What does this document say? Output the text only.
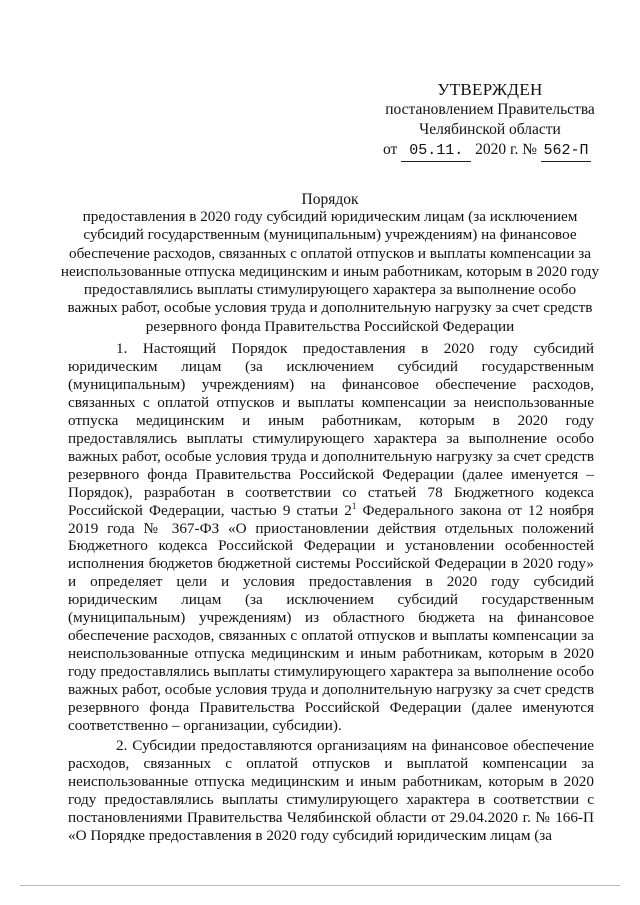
УТВЕРЖДЕН
постановлением Правительства
Челябинской области
от 05.11. 2020 г. № 562-П
Порядок
предоставления в 2020 году субсидий юридическим лицам (за исключением субсидий государственным (муниципальным) учреждениям) на финансовое обеспечение расходов, связанных с оплатой отпусков и выплаты компенсации за неиспользованные отпуска медицинским и иным работникам, которым в 2020 году предоставлялись выплаты стимулирующего характера за выполнение особо важных работ, особые условия труда и дополнительную нагрузку за счет средств резервного фонда Правительства Российской Федерации

1. Настоящий Порядок предоставления в 2020 году субсидий юридическим лицам (за исключением субсидий государственным (муниципальным) учреждениям) на финансовое обеспечение расходов, связанных с оплатой отпусков и выплаты компенсации за неиспользованные отпуска медицинским и иным работникам, которым в 2020 году предоставлялись выплаты стимулирующего характера за выполнение особо важных работ, особые условия труда и дополнительную нагрузку за счет средств резервного фонда Правительства Российской Федерации (далее именуется – Порядок), разработан в соответствии со статьей 78 Бюджетного кодекса Российской Федерации, частью 9 статьи $2^1$ Федерального закона от 12 ноября 2019 года № 367-ФЗ «О приостановлении действия отдельных положений Бюджетного кодекса Российской Федерации и установлении особенностей исполнения бюджетов бюджетной системы Российской Федерации в 2020 году» и определяет цели и условия предоставления в 2020 году субсидий юридическим лицам (за исключением субсидий государственным (муниципальным) учреждениям) из областного бюджета на финансовое обеспечение расходов, связанных с оплатой отпусков и выплаты компенсации за неиспользованные отпуска медицинским и иным работникам, которым в 2020 году предоставлялись выплаты стимулирующего характера за выполнение особо важных работ, особые условия труда и дополнительную нагрузку за счет средств резервного фонда Правительства Российской Федерации (далее именуются соответственно – организации, субсидии).

2. Субсидии предоставляются организациям на финансовое обеспечение расходов, связанных с оплатой отпусков и выплатой компенсации за неиспользованные отпуска медицинским и иным работникам, которым в 2020 году предоставлялись выплаты стимулирующего характера в соответствии с постановлениями Правительства Челябинской области от 29.04.2020 г. № 166-П «О Порядке предоставления в 2020 году субсидий юридическим лицам (за
